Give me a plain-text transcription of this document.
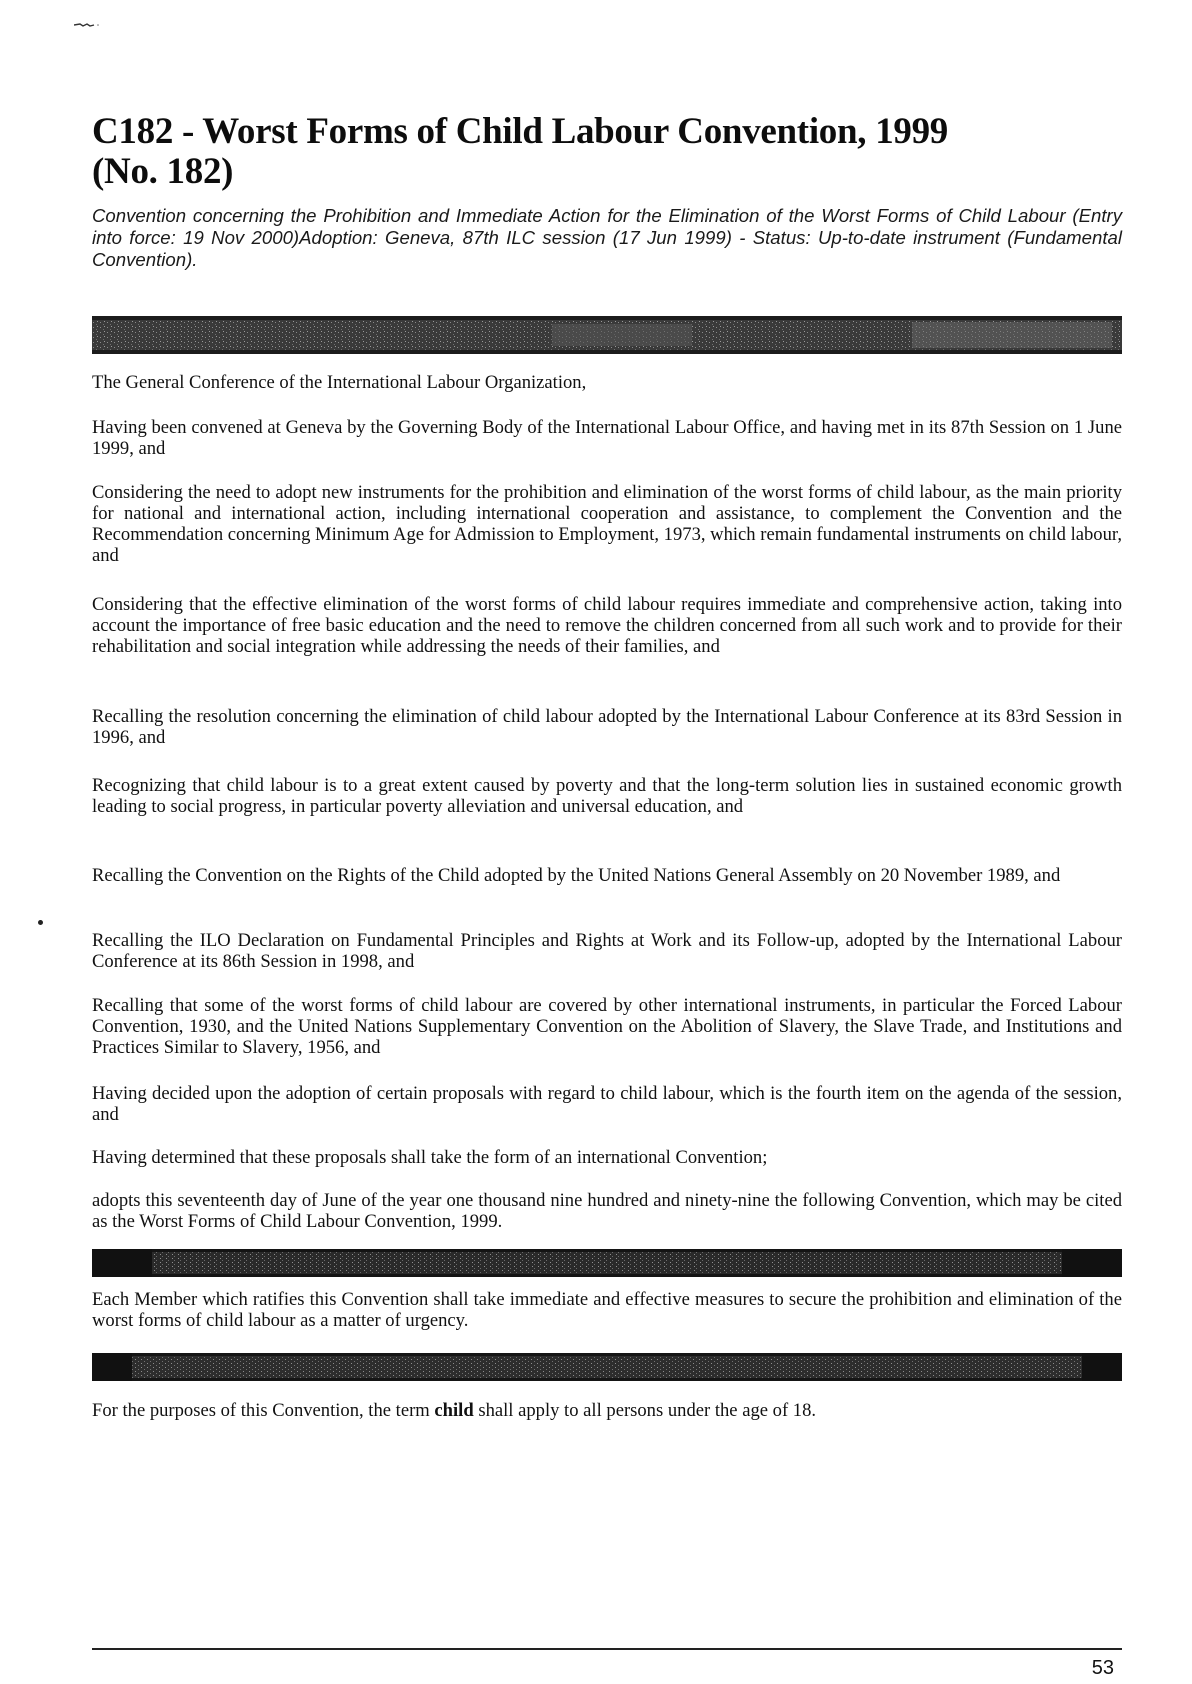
C182 - Worst Forms of Child Labour Convention, 1999
(No. 182)
Convention concerning the Prohibition and Immediate Action for the Elimination of the Worst Forms of Child Labour (Entry into force: 19 Nov 2000)Adoption: Geneva, 87th ILC session (17 Jun 1999) - Status: Up-to-date instrument (Fundamental Convention).
The General Conference of the International Labour Organization,
Having been convened at Geneva by the Governing Body of the International Labour Office, and having met in its 87th Session on 1 June 1999, and
Considering the need to adopt new instruments for the prohibition and elimination of the worst forms of child labour, as the main priority for national and international action, including international cooperation and assistance, to complement the Convention and the Recommendation concerning Minimum Age for Admission to Employment, 1973, which remain fundamental instruments on child labour, and
Considering that the effective elimination of the worst forms of child labour requires immediate and comprehensive action, taking into account the importance of free basic education and the need to remove the children concerned from all such work and to provide for their rehabilitation and social integration while addressing the needs of their families, and
Recalling the resolution concerning the elimination of child labour adopted by the International Labour Conference at its 83rd Session in 1996, and
Recognizing that child labour is to a great extent caused by poverty and that the long-term solution lies in sustained economic growth leading to social progress, in particular poverty alleviation and universal education, and
Recalling the Convention on the Rights of the Child adopted by the United Nations General Assembly on 20 November 1989, and
Recalling the ILO Declaration on Fundamental Principles and Rights at Work and its Follow-up, adopted by the International Labour Conference at its 86th Session in 1998, and
Recalling that some of the worst forms of child labour are covered by other international instruments, in particular the Forced Labour Convention, 1930, and the United Nations Supplementary Convention on the Abolition of Slavery, the Slave Trade, and Institutions and Practices Similar to Slavery, 1956, and
Having decided upon the adoption of certain proposals with regard to child labour, which is the fourth item on the agenda of the session, and
Having determined that these proposals shall take the form of an international Convention;
adopts this seventeenth day of June of the year one thousand nine hundred and ninety-nine the following Convention, which may be cited as the Worst Forms of Child Labour Convention, 1999.
Each Member which ratifies this Convention shall take immediate and effective measures to secure the prohibition and elimination of the worst forms of child labour as a matter of urgency.
For the purposes of this Convention, the term child shall apply to all persons under the age of 18.
53
